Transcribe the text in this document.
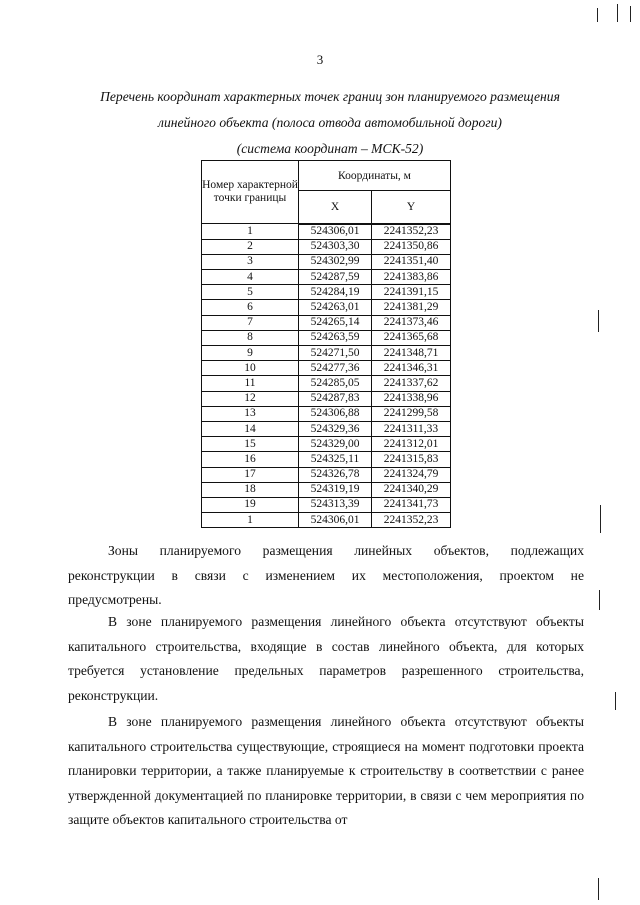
3
Перечень координат характерных точек границ зон планируемого размещения
линейного объекта (полоса отвода автомобильной дороги)
(система координат – МСК-52)
Номер характерной точки границы	Координаты, м	
	X	Y
1	524306,01	2241352,23
2	524303,30	2241350,86
3	524302,99	2241351,40
4	524287,59	2241383,86
5	524284,19	2241391,15
6	524263,01	2241381,29
7	524265,14	2241373,46
8	524263,59	2241365,68
9	524271,50	2241348,71
10	524277,36	2241346,31
11	524285,05	2241337,62
12	524287,83	2241338,96
13	524306,88	2241299,58
14	524329,36	2241311,33
15	524329,00	2241312,01
16	524325,11	2241315,83
17	524326,78	2241324,79
18	524319,19	2241340,29
19	524313,39	2241341,73
1	524306,01	2241352,23

Зоны планируемого размещения линейных объектов, подлежащих реконструкции в связи с изменением их местоположения, проектом не предусмотрены.

В зоне планируемого размещения линейного объекта отсутствуют объекты капитального строительства, входящие в состав линейного объекта, для которых требуется установление предельных параметров разрешенного строительства, реконструкции.

В зоне планируемого размещения линейного объекта отсутствуют объекты капитального строительства существующие, строящиеся на момент подготовки проекта планировки территории, а также планируемые к строительству в соответствии с ранее утвержденной документацией по планировке территории, в связи с чем мероприятия по защите объектов капитального строительства от
